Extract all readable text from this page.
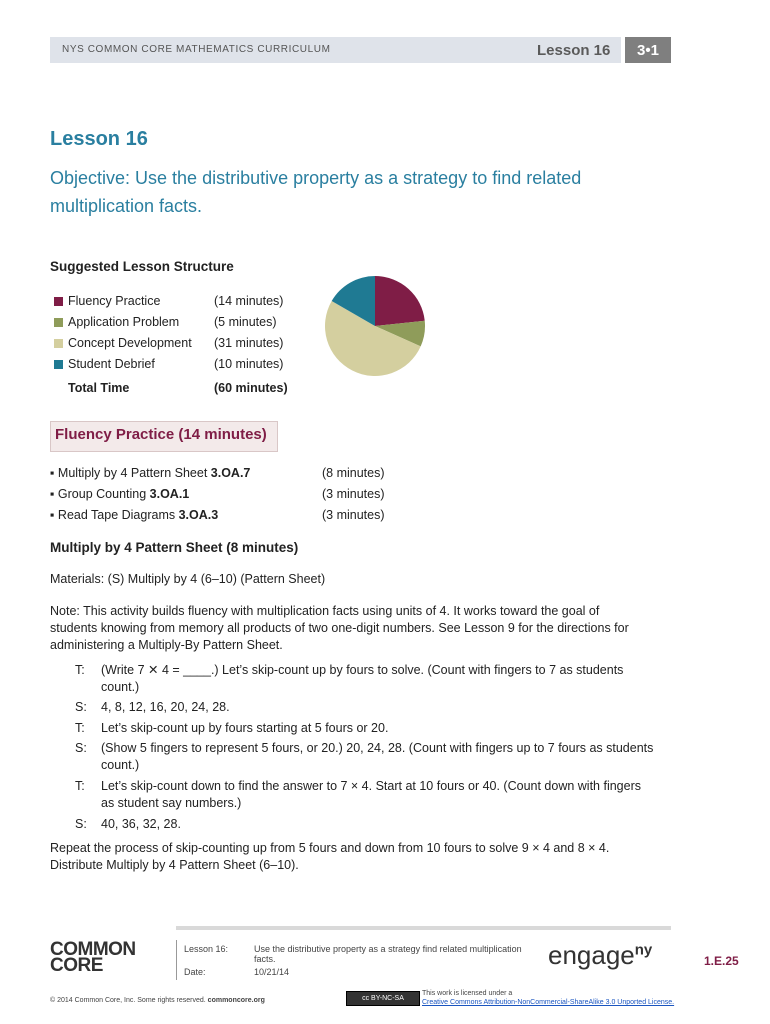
NYS COMMON CORE MATHEMATICS CURRICULUM	Lesson 16	3•1
Lesson 16
Objective: Use the distributive property as a strategy to find related multiplication facts.
Suggested Lesson Structure
Fluency Practice	(14 minutes)
Application Problem	(5 minutes)
Concept Development (31 minutes)
Student Debrief	(10 minutes)
Total Time	(60 minutes)
Fluency Practice (14 minutes)
▪ Multiply by 4 Pattern Sheet 3.OA.7	(8 minutes)
▪ Group Counting 3.OA.1	(3 minutes)
▪ Read Tape Diagrams 3.OA.3	(3 minutes)
Multiply by 4 Pattern Sheet (8 minutes)
Materials: (S) Multiply by 4 (6–10) (Pattern Sheet)
Note: This activity builds fluency with multiplication facts using units of 4. It works toward the goal of students knowing from memory all products of two one-digit numbers. See Lesson 9 for the directions for administering a Multiply-By Pattern Sheet.
T: (Write 7 ✕ 4 = ____.) Let’s skip-count up by fours to solve. (Count with fingers to 7 as students count.)
S: 4, 8, 12, 16, 20, 24, 28.
T: Let’s skip-count up by fours starting at 5 fours or 20.
S: (Show 5 fingers to represent 5 fours, or 20.) 20, 24, 28. (Count with fingers up to 7 fours as students count.)
T: Let’s skip-count down to find the answer to 7 × 4. Start at 10 fours or 40. (Count down with fingers as student say numbers.)
S: 40, 36, 32, 28.
Repeat the process of skip-counting up from 5 fours and down from 10 fours to solve 9 × 4 and 8 × 4. Distribute Multiply by 4 Pattern Sheet (6–10).
COMMON
CORE
Lesson 16:	Use the distributive property as a strategy find related multiplication facts.
Date:	10/21/14
engage$^{ny}$
1.E.25
© 2014 Common Core, Inc. Some rights reserved. commoncore.org	cc BY-NC-SA
This work is licensed under a
Creative Commons Attribution-NonCommercial-ShareAlike 3.0 Unported License.
